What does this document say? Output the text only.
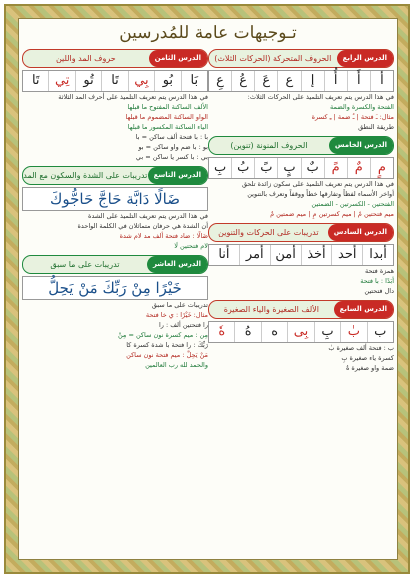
تـوجيهات عامة للمُدرسين
الدرس الرابع
الحروف المتحركة (الحركات الثلاث)
أ
أَ
أُ
إ
ع
عَ
عُ
عِ
في هذا الدرس يتم تعريف التلميذ على الحركات الثلاث:
الفتحة والكسرة والضمة
مثال: ـَ فتحة | ـُ ضمة | ـِ كسرة
طريقة النطق
الدرس الخامس
الحروف المنونة (تنوين)
مٍ
مٌ
مً
بٌ
بٍ
بً
بُ
بِ
في هذا الدرس يتم تعريف التلميذ على سكون زائدة تلحق
أواخر الأسماء لفظاً وتفارقها خطاً ووقفاً وتعرف بالتنوين
الفتحتين - الكسرتين - الضمتين
ميم فتحتين مً | ميم كسرتين مٍ | ميم ضمتين مٌ
الدرس السادس
تدريبات على الحركات والتنوين
أبدا
أحد
أخذ
أمن
أمر
أنا
همزة فتحة
أَبَدًا : با فتحة
دال فتحتين
الدرس السابع
الألف الصغيرة والياء الصغيرة
ب
بٰ
بِ
بِی
ه
هُ
هٗ
ب : فتحة ألف صغيرة بٰ
كسرة ياء صغيرة بِ
ضمة واو صغيرة هُ
الدرس الثامن
حروف المد واللين
بَا
بُو
بِي
تَا
تُو
تِي
تَا
في هذا الدرس يتم تعريف التلميذ على أحرف المد الثلاثة
الألف الساكنة المفتوح ما قبلها
الواو الساكنة المضموم ما قبلها
الياء الساكنة المكسور ما قبلها
با : با فتحة ألف ساكن = با
بو : با ضم واو ساكن = بو
بي : با كسر يا ساكن = بي
الدرس التاسع
تدريبات على الشدة والسكون مع المد
ضَالًا دَابَّة حَاجَّ حَاجُّوكَ
في هذا الدرس يتم تعريف التلميذ على الشدة
أن الشدة هي حرفان متماثلان في الكلمة الواحدة
ضَالًا : ضاد فتحة ألف مد لام شدة
لام فتحتين لَا
الدرس العاشر
تدريبات على ما سبق
خَيْرًا مِنْ رَبِّكَ مَنْ يَحِلُّ
تدريبات على ما سبق
مثال: خَيْرًا : ي خا فتحة
را فتحتين ألف : را
مِن : ميم كسرة نون ساكن = مِنْ
رَبِّكَ : را فتحة با شدة كسرة كا
مَنْ يَحِلُّ : ميم فتحة نون ساكن
والحمد لله رب العالمين
